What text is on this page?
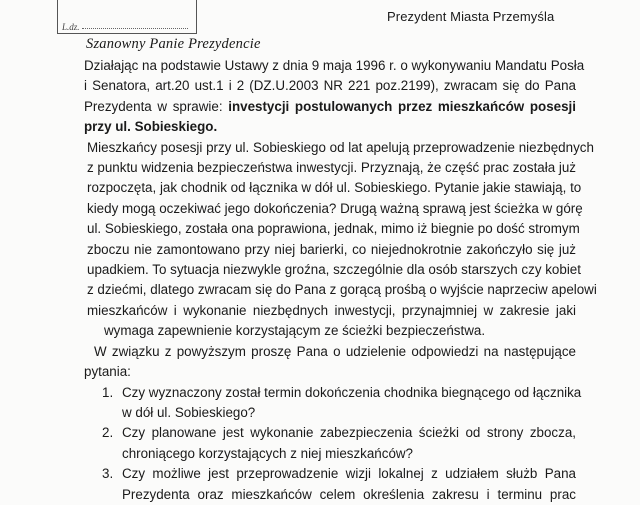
L.dz.
Prezydent Miasta Przemyśla
Szanowny Panie Prezydencie

Działając na podstawie Ustawy z dnia 9 maja 1996 r. o wykonywaniu Mandatu Posła
i Senatora, art.20 ust.1 i 2 (DZ.U.2003 NR 221 poz.2199), zwracam się do Pana
Prezydenta w sprawie: investycji postulowanych przez mieszkańców posesji
przy ul. Sobieskiego.

Mieszkańcy posesji przy ul. Sobieskiego od lat apelują przeprowadzenie niezbędnych
z punktu widzenia bezpieczeństwa inwestycji. Przyznają, że część prac została już
rozpoczęta, jak chodnik od łącznika w dół ul. Sobieskiego. Pytanie jakie stawiają, to
kiedy mogą oczekiwać jego dokończenia? Drugą ważną sprawą jest ścieżka w górę
ul. Sobieskiego, została ona poprawiona, jednak, mimo iż biegnie po dość stromym
zboczu nie zamontowano przy niej barierki, co niejednokrotnie zakończyło się już
upadkiem. To sytuacja niezwykle groźna, szczególnie dla osób starszych czy kobiet
z dziećmi, dlatego zwracam się do Pana z gorącą prośbą o wyjście naprzeciw apelowi
mieszkańców i wykonanie niezbędnych inwestycji, przynajmniej w zakresie jaki
wymaga zapewnienie korzystającym ze ścieżki bezpieczeństwa.

W związku z powyższym proszę Pana o udzielenie odpowiedzi na następujące
pytania:

1. Czy wyznaczony został termin dokończenia chodnika biegnącego od łącznika
w dół ul. Sobieskiego?
2. Czy planowane jest wykonanie zabezpieczenia ścieżki od strony zbocza,
chroniącego korzystających z niej mieszkańców?
3. Czy możliwe jest przeprowadzenie wizji lokalnej z udziałem służb Pana
Prezydenta oraz mieszkańców celem określenia zakresu i terminu prac
